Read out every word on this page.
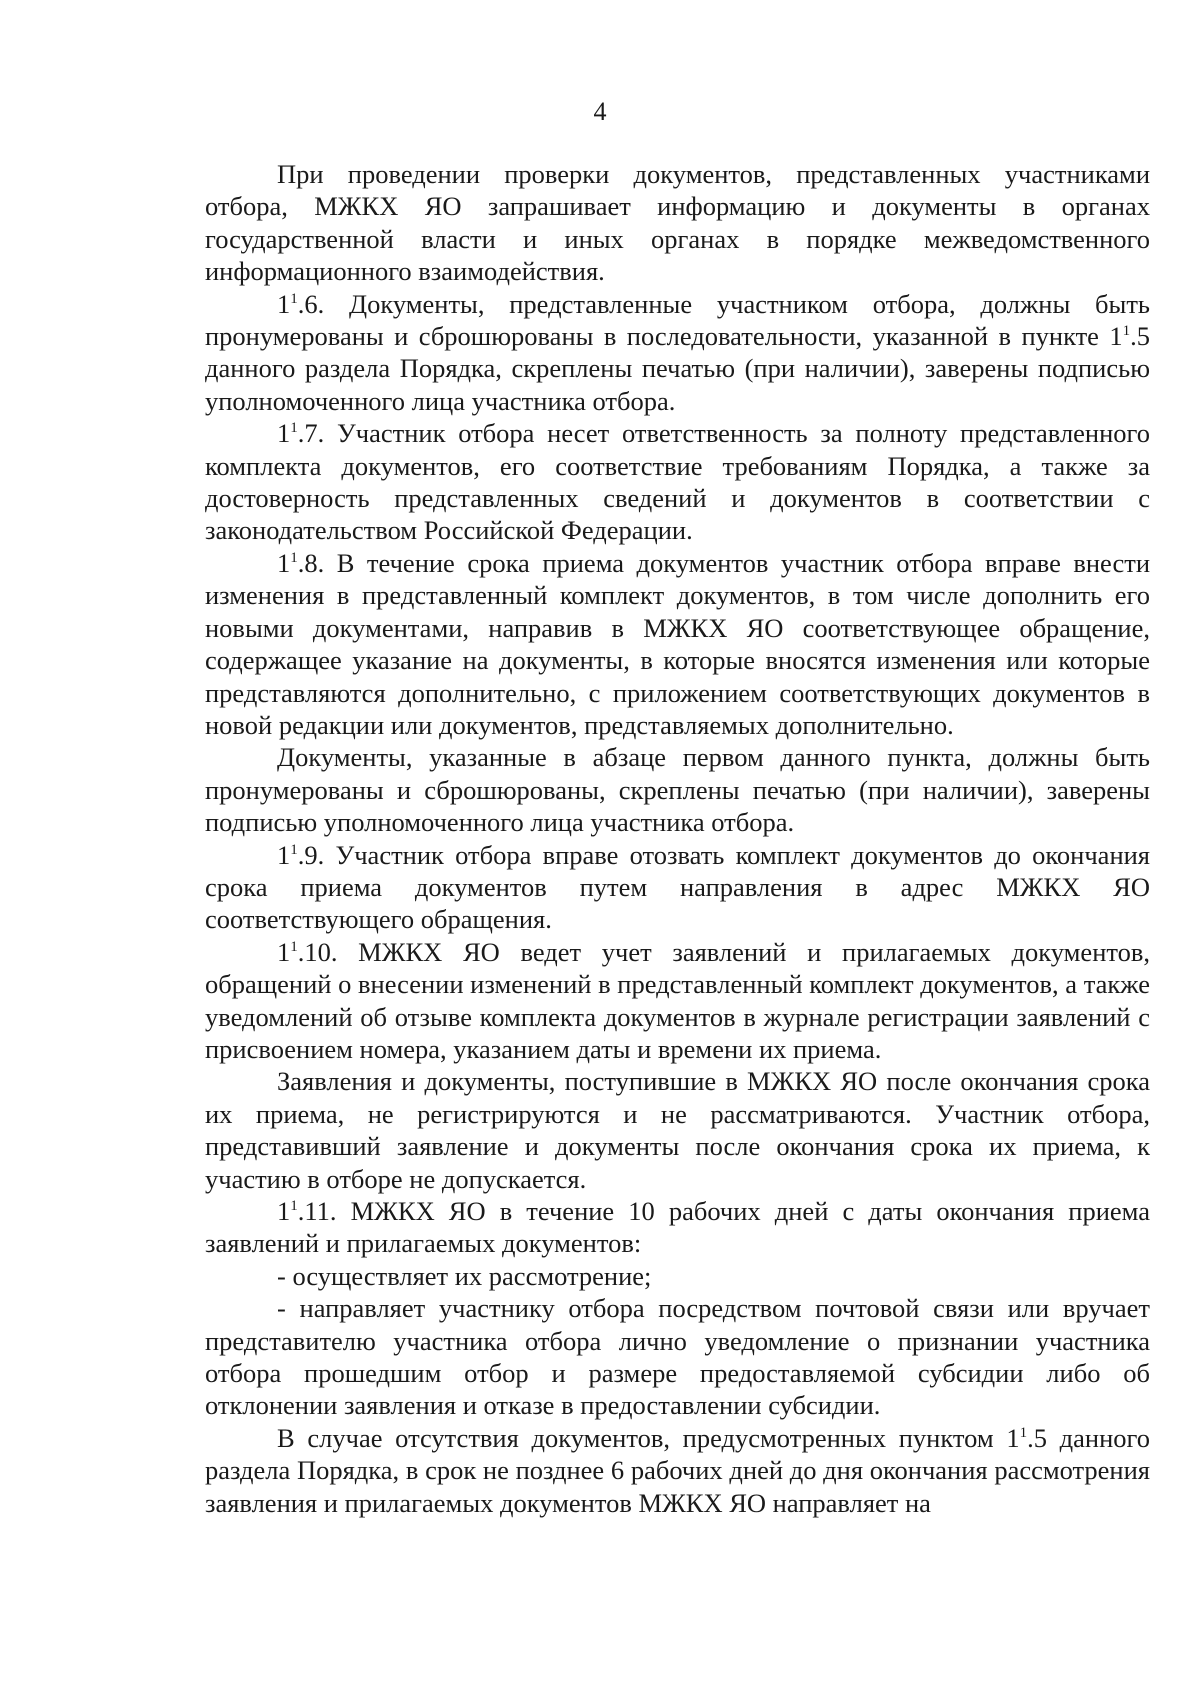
4

При проведении проверки документов, представленных участниками отбора, МЖКХ ЯО запрашивает информацию и документы в органах государственной власти и иных органах в порядке межведомственного информационного взаимодействия.

$1^1.6$. Документы, представленные участником отбора, должны быть пронумерованы и сброшюрованы в последовательности, указанной в пункте $1^1.5$ данного раздела Порядка, скреплены печатью (при наличии), заверены подписью уполномоченного лица участника отбора.

$1^1.7$. Участник отбора несет ответственность за полноту представленного комплекта документов, его соответствие требованиям Порядка, а также за достоверность представленных сведений и документов в соответствии с законодательством Российской Федерации.

$1^1.8$. В течение срока приема документов участник отбора вправе внести изменения в представленный комплект документов, в том числе дополнить его новыми документами, направив в МЖКХ ЯО соответствующее обращение, содержащее указание на документы, в которые вносятся изменения или которые представляются дополнительно, с приложением соответствующих документов в новой редакции или документов, представляемых дополнительно.

Документы, указанные в абзаце первом данного пункта, должны быть пронумерованы и сброшюрованы, скреплены печатью (при наличии), заверены подписью уполномоченного лица участника отбора.

$1^1.9$. Участник отбора вправе отозвать комплект документов до окончания срока приема документов путем направления в адрес МЖКХ ЯО соответствующего обращения.

$1^1.10$. МЖКХ ЯО ведет учет заявлений и прилагаемых документов, обращений о внесении изменений в представленный комплект документов, а также уведомлений об отзыве комплекта документов в журнале регистрации заявлений с присвоением номера, указанием даты и времени их приема.

Заявления и документы, поступившие в МЖКХ ЯО после окончания срока их приема, не регистрируются и не рассматриваются. Участник отбора, представивший заявление и документы после окончания срока их приема, к участию в отборе не допускается.

$1^1.11$. МЖКХ ЯО в течение 10 рабочих дней с даты окончания приема заявлений и прилагаемых документов:

- осуществляет их рассмотрение;

- направляет участнику отбора посредством почтовой связи или вручает представителю участника отбора лично уведомление о признании участника отбора прошедшим отбор и размере предоставляемой субсидии либо об отклонении заявления и отказе в предоставлении субсидии.

В случае отсутствия документов, предусмотренных пунктом $1^1.5$ данного раздела Порядка, в срок не позднее 6 рабочих дней до дня окончания рассмотрения заявления и прилагаемых документов МЖКХ ЯО направляет на
